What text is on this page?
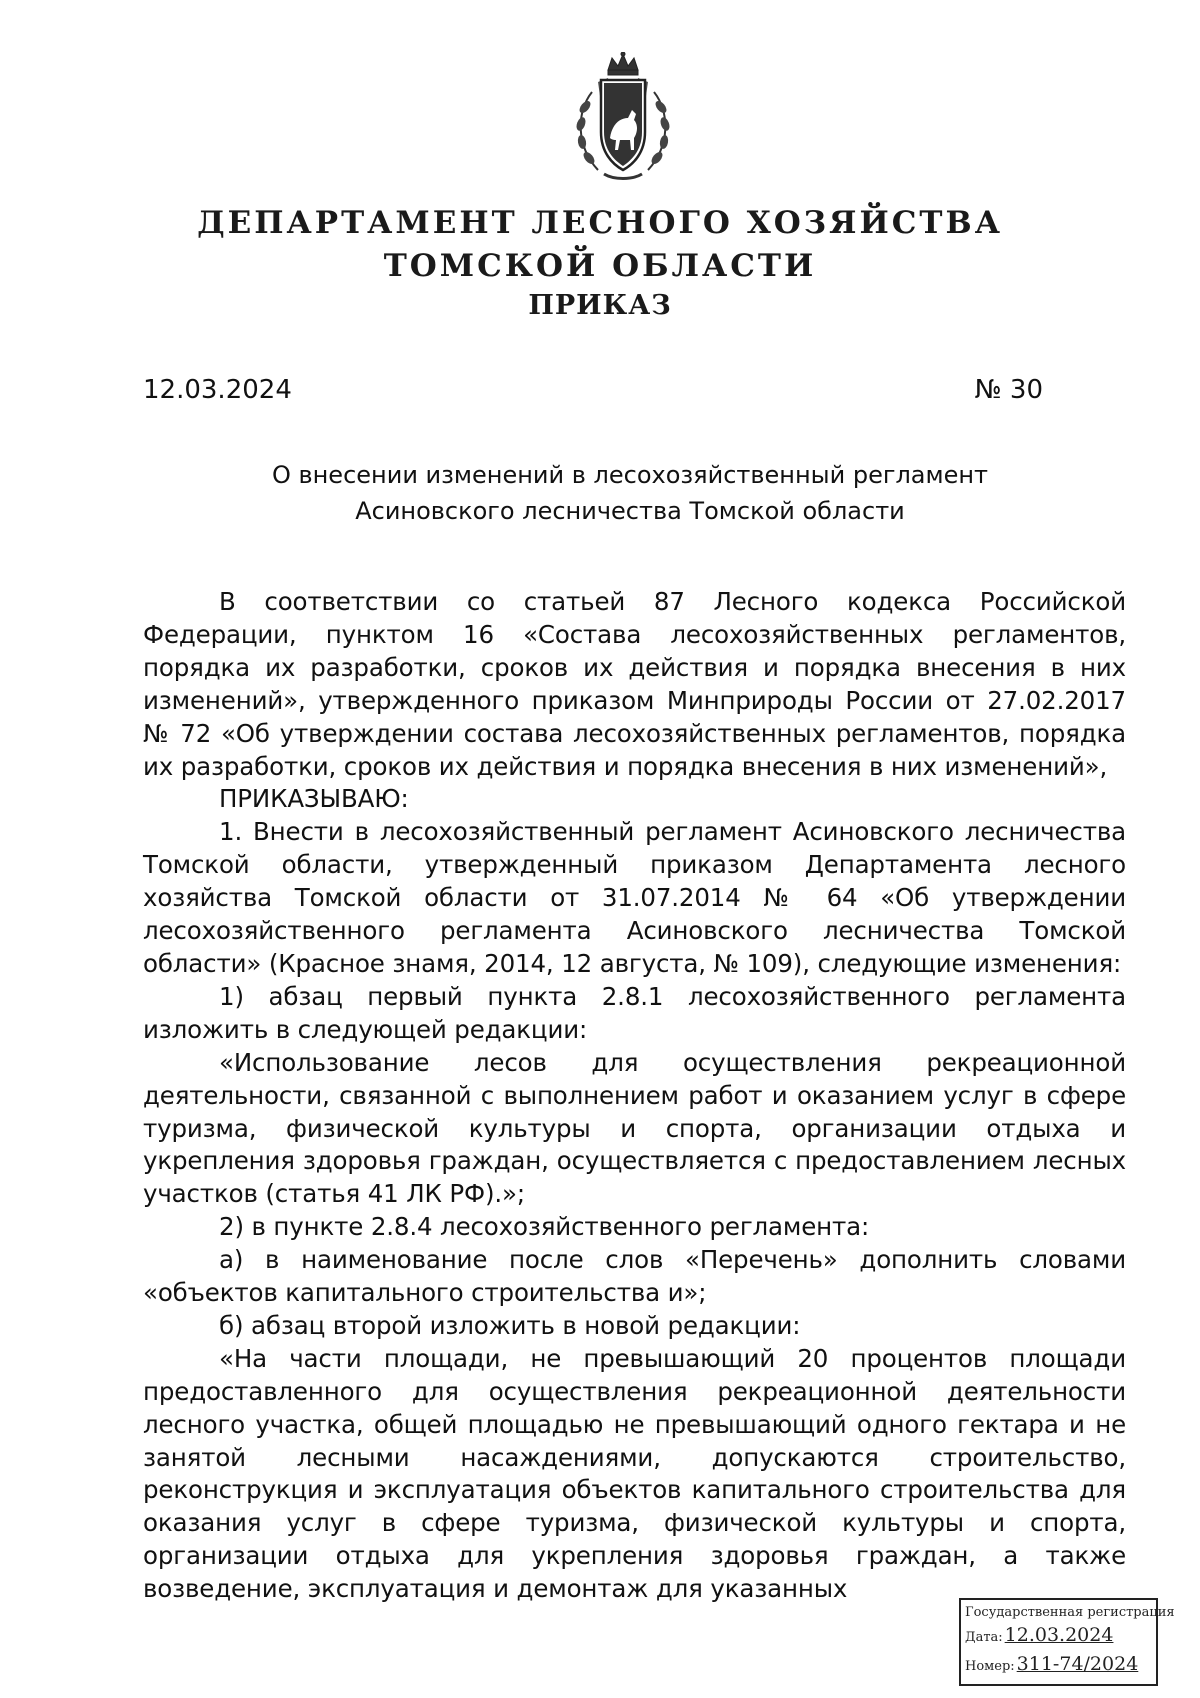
ДЕПАРТАМЕНТ ЛЕСНОГО ХОЗЯЙСТВА
ТОМСКОЙ ОБЛАСТИ
ПРИКАЗ
12.03.2024	№ 30
О внесении изменений в лесохозяйственный регламент
Асиновского лесничества Томской области

В соответствии со статьей 87 Лесного кодекса Российской Федерации, пунктом 16 «Состава лесохозяйственных регламентов, порядка их разработки, сроков их действия и порядка внесения в них изменений», утвержденного приказом Минприроды России от 27.02.2017 № 72 «Об утверждении состава лесохозяйственных регламентов, порядка их разработки, сроков их действия и порядка внесения в них изменений»,

ПРИКАЗЫВАЮ:

1. Внести в лесохозяйственный регламент Асиновского лесничества Томской области, утвержденный приказом Департамента лесного хозяйства Томской области от 31.07.2014 № 64 «Об утверждении лесохозяйственного регламента Асиновского лесничества Томской области» (Красное знамя, 2014, 12 августа, № 109), следующие изменения:

1) абзац первый пункта 2.8.1 лесохозяйственного регламента изложить в следующей редакции:

«Использование лесов для осуществления рекреационной деятельности, связанной с выполнением работ и оказанием услуг в сфере туризма, физической культуры и спорта, организации отдыха и укрепления здоровья граждан, осуществляется с предоставлением лесных участков (статья 41 ЛК РФ).»;

2) в пункте 2.8.4 лесохозяйственного регламента:

а) в наименование после слов «Перечень» дополнить словами «объектов капитального строительства и»;

б) абзац второй изложить в новой редакции:

«На части площади, не превышающий 20 процентов площади предоставленного для осуществления рекреационной деятельности лесного участка, общей площадью не превышающий одного гектара и не занятой лесными насаждениями, допускаются строительство, реконструкция и эксплуатация объектов капитального строительства для оказания услуг в сфере туризма, физической культуры и спорта, организации отдыха для укрепления здоровья граждан, а также возведение, эксплуатация и демонтаж для указанных

Государственная регистрация
Дата: 12.03.2024
Номер: 311-74/2024
